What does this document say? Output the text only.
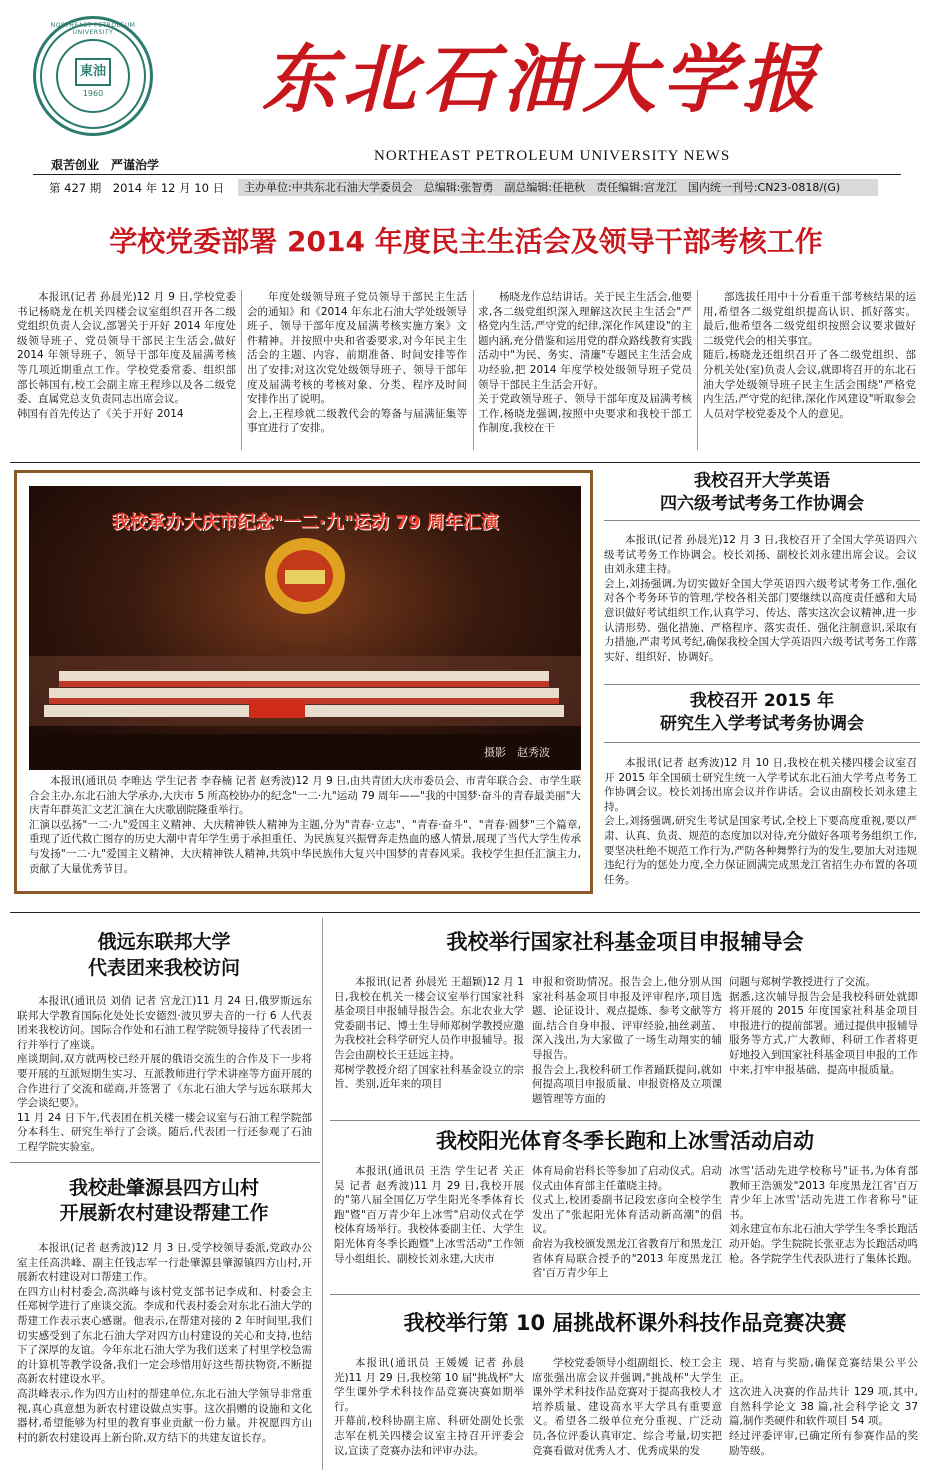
東油
1960
NORTHEAST PETROLEUM UNIVERSITY
东北石油大学报
NORTHEAST PETROLEUM UNIVERSITY NEWS
艰苦创业　严谨治学
第 427 期　2014 年 12 月 10 日	主办单位:中共东北石油大学委员会　总编辑:张智勇　副总编辑:任艳秋　责任编辑:宫龙江　国内统一刊号:CN23-0818/(G)
学校党委部署 2014 年度民主生活会及领导干部考核工作
本报讯(记者 孙晨光)12 月 9 日,学校党委书记杨晓龙在机关四楼会议室组织召开各二级党组织负责人会议,部署关于开好 2014 年度处级领导班子、党员领导干部民主生活会,做好 2014 年领导班子、领导干部年度及届满考核等几项近期重点工作。学校党委常委、组织部部长韩国有,校工会副主席王程珍以及各二级党委、直属党总支负责同志出席会议。
韩国有首先传达了《关于开好 2014
年度处级领导班子党员领导干部民主生活会的通知》和《2014 年东北石油大学处级领导班子、领导干部年度及届满考核实施方案》文件精神。并按照中央和省委要求,对今年民主生活会的主题、内容、前期准备、时间安排等作出了安排;对这次党处级领导班子、领导干部年度及届满考核的考核对象、分类、程序及时间安排作出了说明。
会上,王程珍就二级教代会的筹备与届满征集等事宜进行了安排。
杨晓龙作总结讲话。关于民主生活会,他要求,各二级党组织深入理解这次民主生活会"严格党内生活,严守党的纪律,深化作风建设"的主题内涵,充分借鉴和运用党的群众路线教育实践活动中"为民、务实、清廉"专题民主生活会成功经验,把 2014 年度学校处级领导班子党员领导干部民主生活会开好。
关于党政领导班子、领导干部年度及届满考核工作,杨晓龙强调,按照中央要求和我校干部工作制度,我校在干
部选拔任用中十分看重干部考核结果的运用,希望各二级党组织提高认识、抓好落实。最后,他希望各二级党组织按照会议要求做好二级党代会的相关事宜。
随后,杨晓龙还组织召开了各二级党组织、部分机关处(室)负责人会议,就即将召开的东北石油大学处级领导班子民主生活会围绕"严格党内生活,严守党的纪律,深化作风建设"听取参会人员对学校党委及个人的意见。
我校承办大庆市纪念"一二·九"运动 79 周年汇演
摄影　赵秀波
本报讯(通讯员 李唯达 学生记者 李春楠 记者 赵秀波)12 月 9 日,由共青团大庆市委员会、市青年联合会、市学生联合会主办,东北石油大学承办,大庆市 5 所高校协办的纪念"一二·九"运动 79 周年——"我的中国梦·奋斗的青春最美丽"大庆青年群英汇文艺汇演在大庆歌剧院隆重举行。
汇演以弘扬"一二·九"爱国主义精神、大庆精神铁人精神为主题,分为"青春·立志"、"青春·奋斗"、"青春·圆梦"三个篇章,重现了近代救亡图存的历史大潮中青年学生勇于承担重任、为民族复兴振臂奔走热血的感人情景,展现了当代大学生传承与发扬"一二·九"爱国主义精神、大庆精神铁人精神,共筑中华民族伟大复兴中国梦的青春风采。我校学生担任汇演主力,贡献了大量优秀节目。
我校召开大学英语
四六级考试考务工作协调会
本报讯(记者 孙晨光)12 月 3 日,我校召开了全国大学英语四六级考试考务工作协调会。校长刘扬、副校长刘永建出席会议。会议由刘永建主持。
会上,刘扬强调,为切实做好全国大学英语四六级考试考务工作,强化对各个考务环节的管理,学校各相关部门要继续以高度责任感和大局意识做好考试组织工作,认真学习、传达、落实这次会议精神,进一步认清形势、强化措施、严格程序、落实责任、强化注制意识,采取有力措施,严肃考风考纪,确保我校全国大学英语四六级考试考务工作落实好、组织好、协调好。
我校召开 2015 年
研究生入学考试考务协调会
本报讯(记者 赵秀波)12 月 10 日,我校在机关楼四楼会议室召开 2015 年全国硕士研究生统一入学考试东北石油大学考点考务工作协调会议。校长刘扬出席会议并作讲话。会议由副校长刘永建主持。
会上,刘扬强调,研究生考试是国家考试,全校上下要高度重视,要以严肃、认真、负责、规范的态度加以对待,充分做好各项考务组织工作,要坚决杜绝不规范工作行为,严防各种舞弊行为的发生,要加大对违规违纪行为的惩处力度,全力保证圆满完成黑龙江省招生办布置的各项任务。
俄远东联邦大学
代表团来我校访问
本报讯(通讯员 刘俏 记者 宫龙江)11 月 24 日,俄罗斯远东联邦大学教育国际化处处长安德烈·波贝罗夫音的一行 6 人代表团来我校访问。国际合作处和石油工程学院领导接待了代表团一行并举行了座谈。
座谈期间,双方就两校已经开展的俄语交流生的合作及下一步将要开展的互派短期生实习、互派教师进行学术讲座等方面开展的合作进行了交流和磋商,并签署了《东北石油大学与远东联邦大学会谈纪要》。
11 月 24 日下午,代表团在机关楼一楼会议室与石油工程学院部分本科生、研究生举行了会谈。随后,代表团一行还参观了石油工程学院实验室。
我校赴肇源县四方山村
开展新农村建设帮建工作
本报讯(记者 赵秀波)12 月 3 日,受学校领导委派,党政办公室主任高洪峰、副主任钱志军一行赴肇源县肇源镇四方山村,开展新农村建设对口帮建工作。
在四方山村村委会,高洪峰与该村党支部书记李成和、村委会主任郑树学进行了座谈交流。李成和代表村委会对东北石油大学的帮建工作表示衷心感谢。他表示,在帮建对接的 2 年时间里,我们切实感受到了东北石油大学对四方山村建设的关心和支持,也结下了深厚的友谊。今年东北石油大学为我们送来了村里学校急需的计算机等教学设备,我们一定会珍惜用好这些帮扶物资,不断提高新农村建设水平。
高洪峰表示,作为四方山村的帮建单位,东北石油大学领导非常重视,真心真意想为新农村建设做点实事。这次捐赠的设施和文化器材,希望能够为村里的教育事业贡献一份力量。并祝愿四方山村的新农村建设再上新台阶,双方结下的共建友谊长存。
我校举行国家社科基金项目申报辅导会
本报讯(记者 孙晨光 王超颖)12 月 1 日,我校在机关一楼会议室举行国家社科基金项目申报辅导报告会。东北农业大学党委副书记、博士生导师郑树学教授应邀为我校社会科学研究人员作申报辅导。报告会由副校长王廷远主持。
郑树学教授介绍了国家社科基金设立的宗旨、类别,近年来的项目
申报和资助情况。报告会上,他分别从国家社科基金项目申报及评审程序,项目选题、论证设计、观点提炼、参考文献等方面,结合自身申报、评审经验,抽丝剥茧、深入浅出,为大家做了一场生动翔实的辅导报告。
报告会上,我校科研工作者踊跃提问,就如何提高项目申报质量、申报资格及立项课题管理等方面的
问题与郑树学教授进行了交流。
据悉,这次辅导报告会是我校科研处就即将开展的 2015 年度国家社科基金项目申报进行的提前部署。通过提供申报辅导服务等方式,广大教师、科研工作者将更好地投入到国家社科基金项目申报的工作中来,打牢申报基础、提高申报质量。
我校阳光体育冬季长跑和上冰雪活动启动
本报讯(通讯员 王浩 学生记者 关正昊 记者 赵秀波)11 月 29 日,我校开展的"第八届全国亿万学生阳光冬季体育长跑"暨"百万青少年上冰雪"启动仪式在学校体育场举行。我校体委副主任、大学生阳光体育冬季长跑暨"上冰雪活动"工作领导小组组长、副校长刘永建,大庆市
体育局俞岩科长等参加了启动仪式。启动仪式由体育部主任董晓主持。
仪式上,校团委副书记段宏彦向全校学生发出了"张起阳光体育活动新高潮"的倡议。
俞岩为我校颁发黑龙江省教育厅和黑龙江省体育局联合授予的"2013 年度黑龙江省'百万青少年上
冰雪'活动先进学校称号"证书,为体育部教师王浩颁发"2013 年度黑龙江省'百万青少年上冰雪'活动先进工作者称号"证书。
刘永建宣布东北石油大学学生冬季长跑活动开始。学生院院长张亚志为长跑活动鸣枪。各学院学生代表队进行了集体长跑。
我校举行第 10 届挑战杯课外科技作品竞赛决赛
本报讯(通讯员 王媛媛 记者 孙晨光)11 月 29 日,我校第 10 届"挑战杯"大学生课外学术科技作品竞赛决赛如期举行。
开幕前,校科协副主席、科研处副处长张志军在机关四楼会议室主持召开评委会议,宣读了竞赛办法和评审办法。
学校党委领导小组副组长、校工会主席张强出席会议并强调,"挑战杯"大学生课外学术科技作品竞赛对于提高我校人才培养质量、建设高水平大学具有重要意义。希望各二级单位充分重视、广泛动员,各位评委认真审定、综合考量,切实把竞赛看做对优秀人才、优秀成果的发
现、培育与奖励,确保竞赛结果公平公正。
这次进入决赛的作品共计 129 项,其中,自然科学论文 38 篇,社会科学论文 37 篇,制作类硬件和软件项目 54 项。
经过评委评审,已确定所有参赛作品的奖励等级。
